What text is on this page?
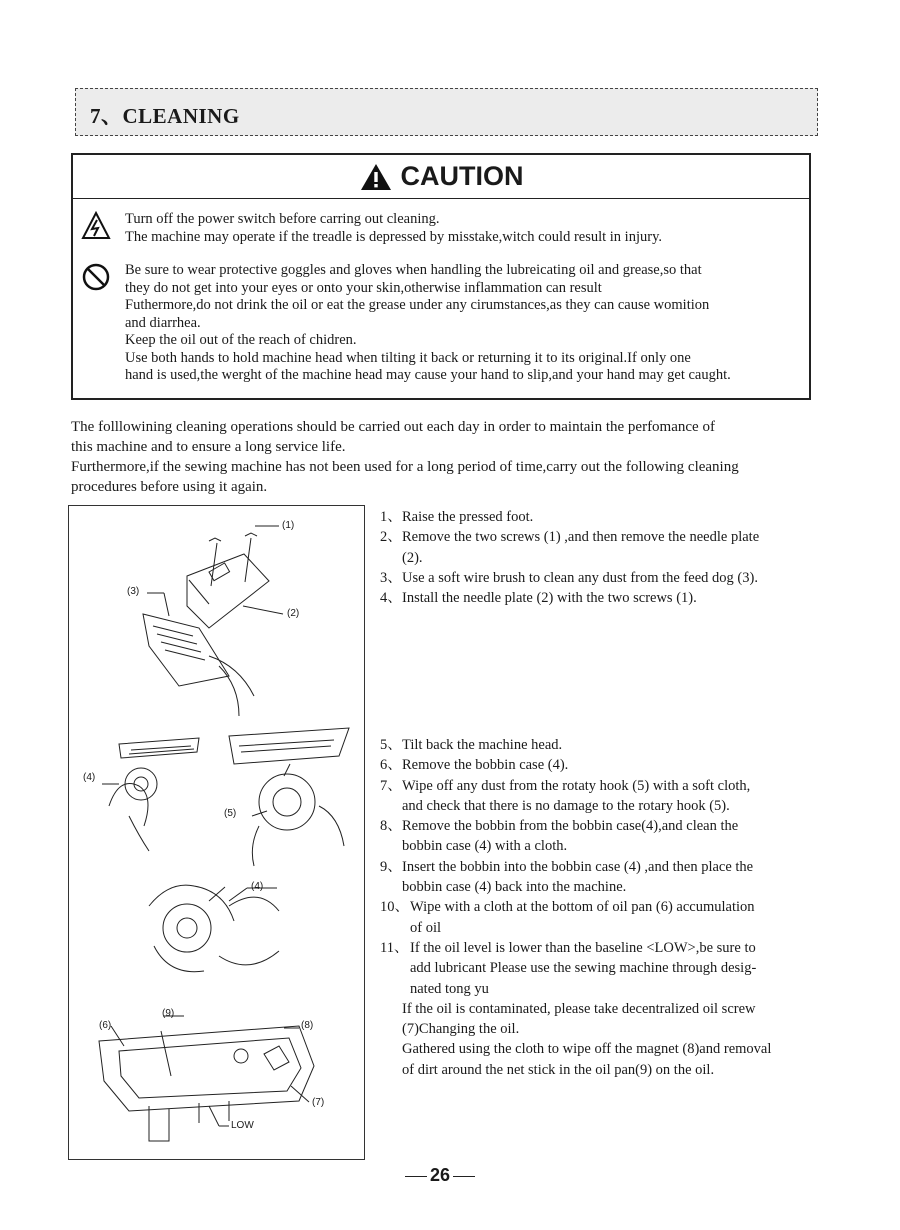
7、CLEANING
CAUTION
Turn off the power switch before carring out cleaning.
The machine may operate if the treadle is depressed by misstake,witch could result in injury.
Be sure to wear protective goggles and gloves when handling the lubreicating oil and grease,so that
they do not get into your eyes or onto your skin,otherwise inflammation can result
Futhermore,do not drink the oil or eat the grease under any cirumstances,as they can cause womition
and diarrhea.
Keep the oil out of the reach of chidren.
Use both hands to hold machine head when tilting it back or returning it to its original.If only one
hand is used,the werght of the machine head may cause your hand to slip,and your hand may get caught.
The folllowining cleaning operations should be carried out each day in order to maintain the perfomance of
this machine and to ensure a long service life.
Furthermore,if the sewing machine has not been used for a long period of time,carry out the following cleaning
procedures before using it again.
(1)
(2)
(3)
(4)
(5)
(4)
(9)
(6)	(8)
(7)
LOW
1、 Raise the pressed foot.
2、 Remove the two screws (1) ,and then remove the needle plate
(2).
3、 Use a soft wire brush to clean any dust from the feed dog (3).
4、 Install the needle plate (2) with the two screws (1).
5、 Tilt back the machine head.
6、 Remove the bobbin case (4).
7、 Wipe off any dust from the rotaty hook (5) with a soft cloth,
and check that there is no damage to the rotary hook (5).
8、 Remove the bobbin from the bobbin case(4),and clean the
bobbin case (4) with a cloth.
9、 Insert the bobbin into the bobbin case (4) ,and then place the
bobbin case (4) back into the machine.
10、 Wipe with a cloth at the bottom of oil pan (6) accumulation
of oil
11、 If the oil level is lower than the baseline <LOW>,be sure to
add lubricant Please use the sewing machine through desig-
nated tong yu
If the oil is contaminated, please take decentralized oil screw
(7)Changing the oil.
Gathered using the cloth to wipe off the magnet (8)and removal
of dirt around the net stick in the oil pan(9) on the oil.
26
